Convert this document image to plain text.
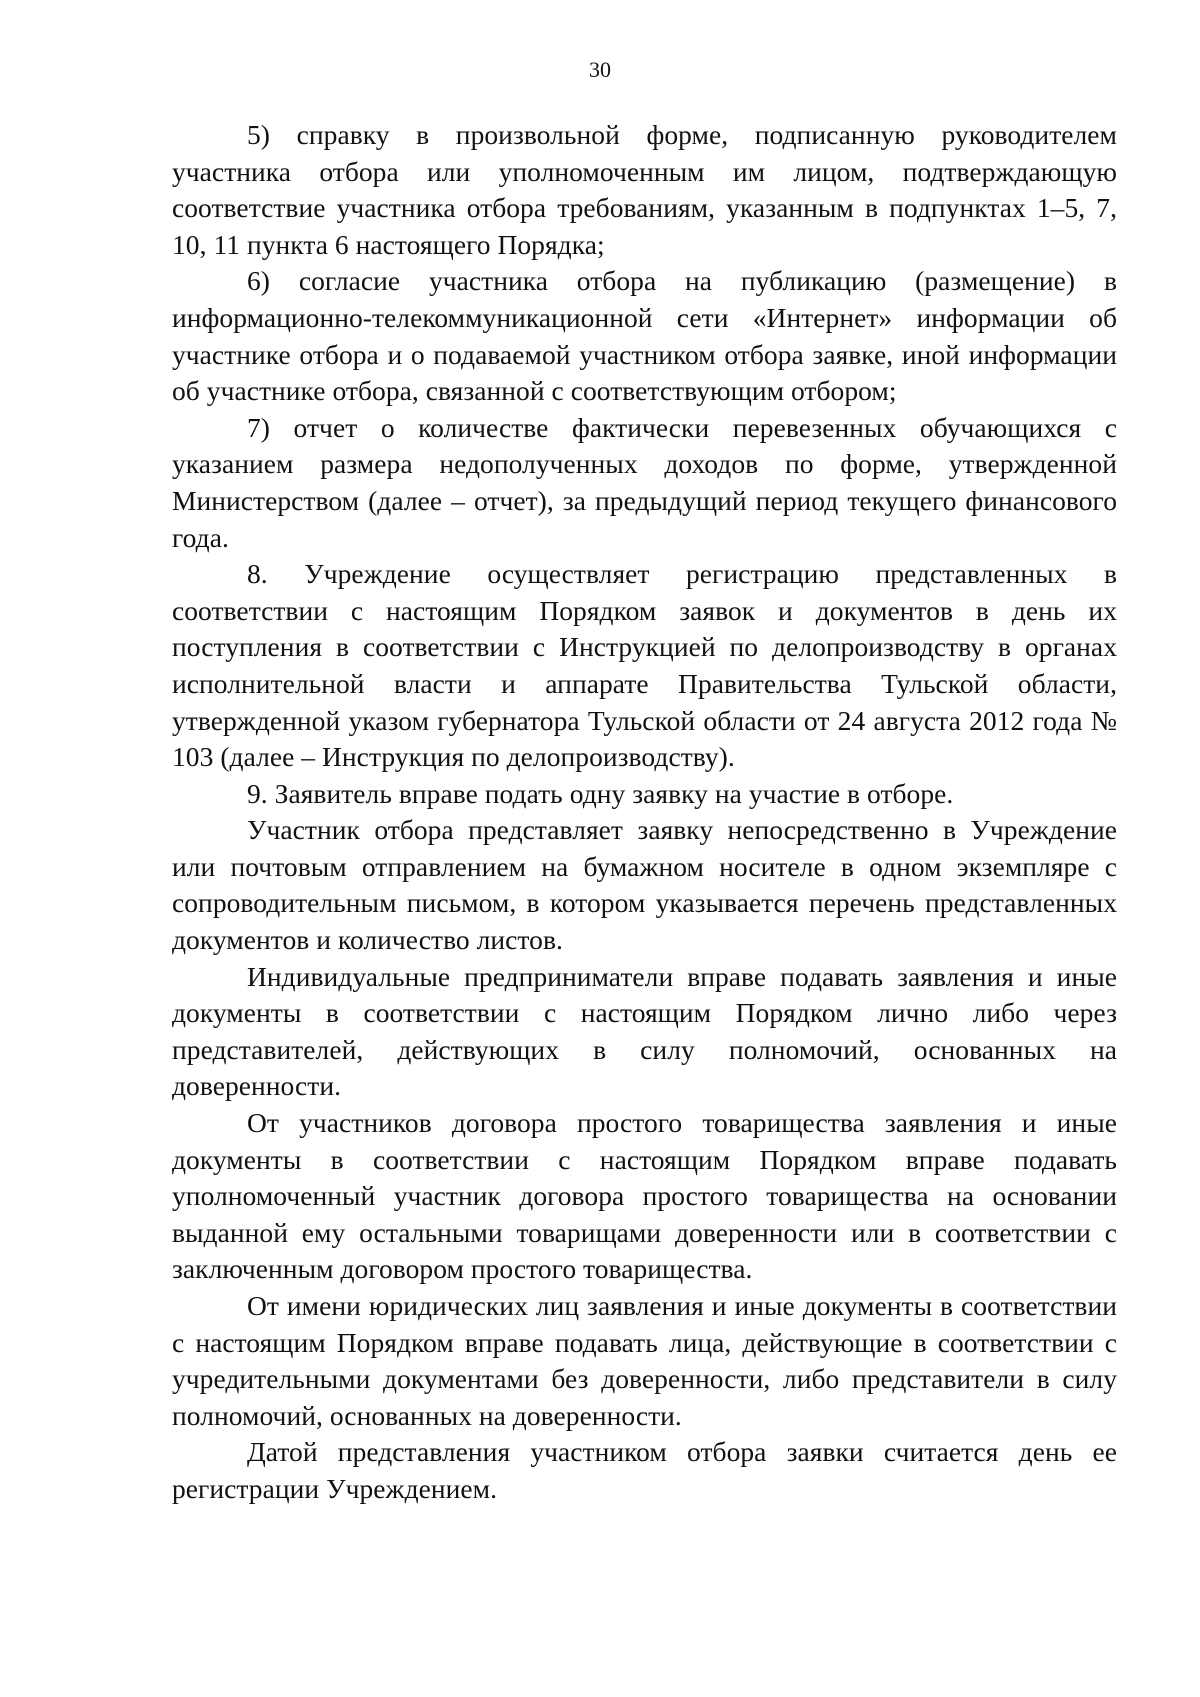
30

5) справку в произвольной форме, подписанную руководителем участника отбора или уполномоченным им лицом, подтверждающую соответствие участника отбора требованиям, указанным в подпунктах 1–5, 7, 10, 11 пункта 6 настоящего Порядка;

6) согласие участника отбора на публикацию (размещение) в информационно-телекоммуникационной сети «Интернет» информации об участнике отбора и о подаваемой участником отбора заявке, иной информации об участнике отбора, связанной с соответствующим отбором;

7) отчет о количестве фактически перевезенных обучающихся с указанием размера недополученных доходов по форме, утвержденной Министерством (далее – отчет), за предыдущий период текущего финансового года.

8. Учреждение осуществляет регистрацию представленных в соответствии с настоящим Порядком заявок и документов в день их поступления в соответствии с Инструкцией по делопроизводству в органах исполнительной власти и аппарате Правительства Тульской области, утвержденной указом губернатора Тульской области от 24 августа 2012 года № 103 (далее – Инструкция по делопроизводству).

9. Заявитель вправе подать одну заявку на участие в отборе.

Участник отбора представляет заявку непосредственно в Учреждение или почтовым отправлением на бумажном носителе в одном экземпляре с сопроводительным письмом, в котором указывается перечень представленных документов и количество листов.

Индивидуальные предприниматели вправе подавать заявления и иные документы в соответствии с настоящим Порядком лично либо через представителей, действующих в силу полномочий, основанных на доверенности.

От участников договора простого товарищества заявления и иные документы в соответствии с настоящим Порядком вправе подавать уполномоченный участник договора простого товарищества на основании выданной ему остальными товарищами доверенности или в соответствии с заключенным договором простого товарищества.

От имени юридических лиц заявления и иные документы в соответствии с настоящим Порядком вправе подавать лица, действующие в соответствии с учредительными документами без доверенности, либо представители в силу полномочий, основанных на доверенности.

Датой представления участником отбора заявки считается день ее регистрации Учреждением.
